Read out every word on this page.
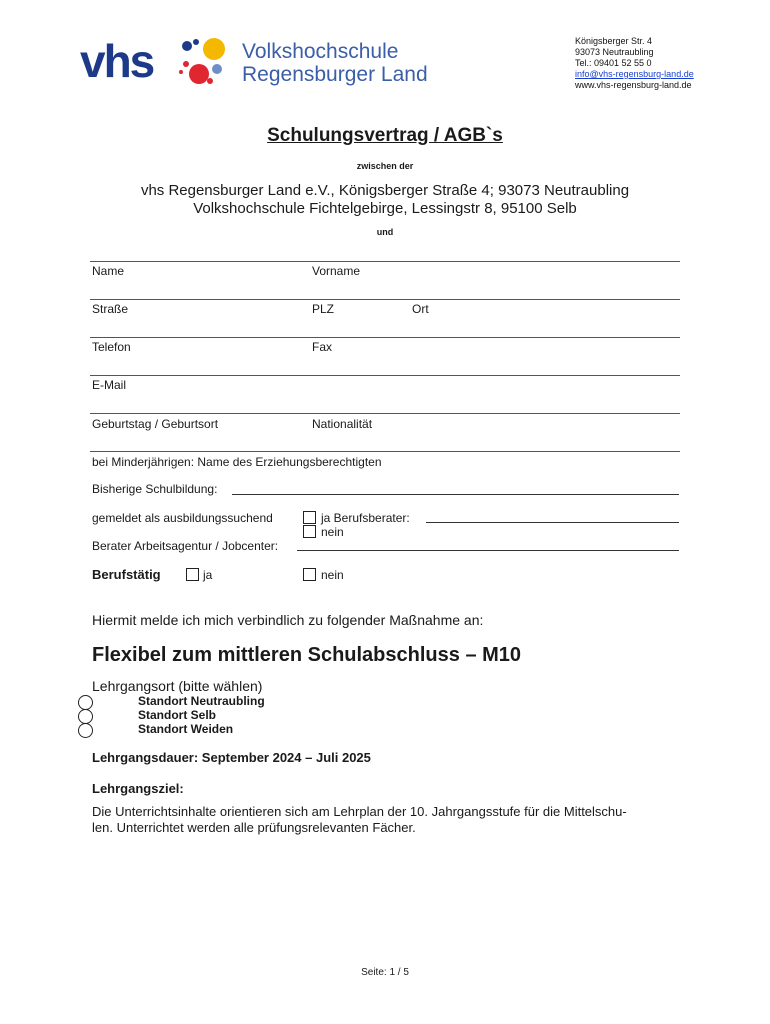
vhs	Volkshochschule
Regensburger Land
Königsberger Str. 4
93073 Neutraubling
Tel.: 09401 52 55 0
info@vhs-regensburg-land.de
www.vhs-regensburg-land.de
Schulungsvertrag / AGB`s
zwischen der
vhs Regensburger Land e.V., Königsberger Straße 4; 93073 Neutraubling
Volkshochschule Fichtelgebirge, Lessingstr 8, 95100 Selb
und
Name	Vorname
Straße	PLZ	Ort
Telefon	Fax
E-Mail
Geburtstag / Geburtsort	Nationalität
bei Minderjährigen: Name des Erziehungsberechtigten
Bisherige Schulbildung:
gemeldet als ausbildungssuchend	ja Berufsberater:
nein
Berater Arbeitsagentur / Jobcenter:
Berufstätig	ja	nein
Hiermit melde ich mich verbindlich zu folgender Maßnahme an:
Flexibel zum mittleren Schulabschluss – M10
Lehrgangsort (bitte wählen)
Standort Neutraubling
Standort Selb
Standort Weiden
Lehrgangsdauer: September 2024 – Juli 2025
Lehrgangsziel:
Die Unterrichtsinhalte orientieren sich am Lehrplan der 10. Jahrgangsstufe für die Mittelschu-
len. Unterrichtet werden alle prüfungsrelevanten Fächer.
Seite: 1 / 5
